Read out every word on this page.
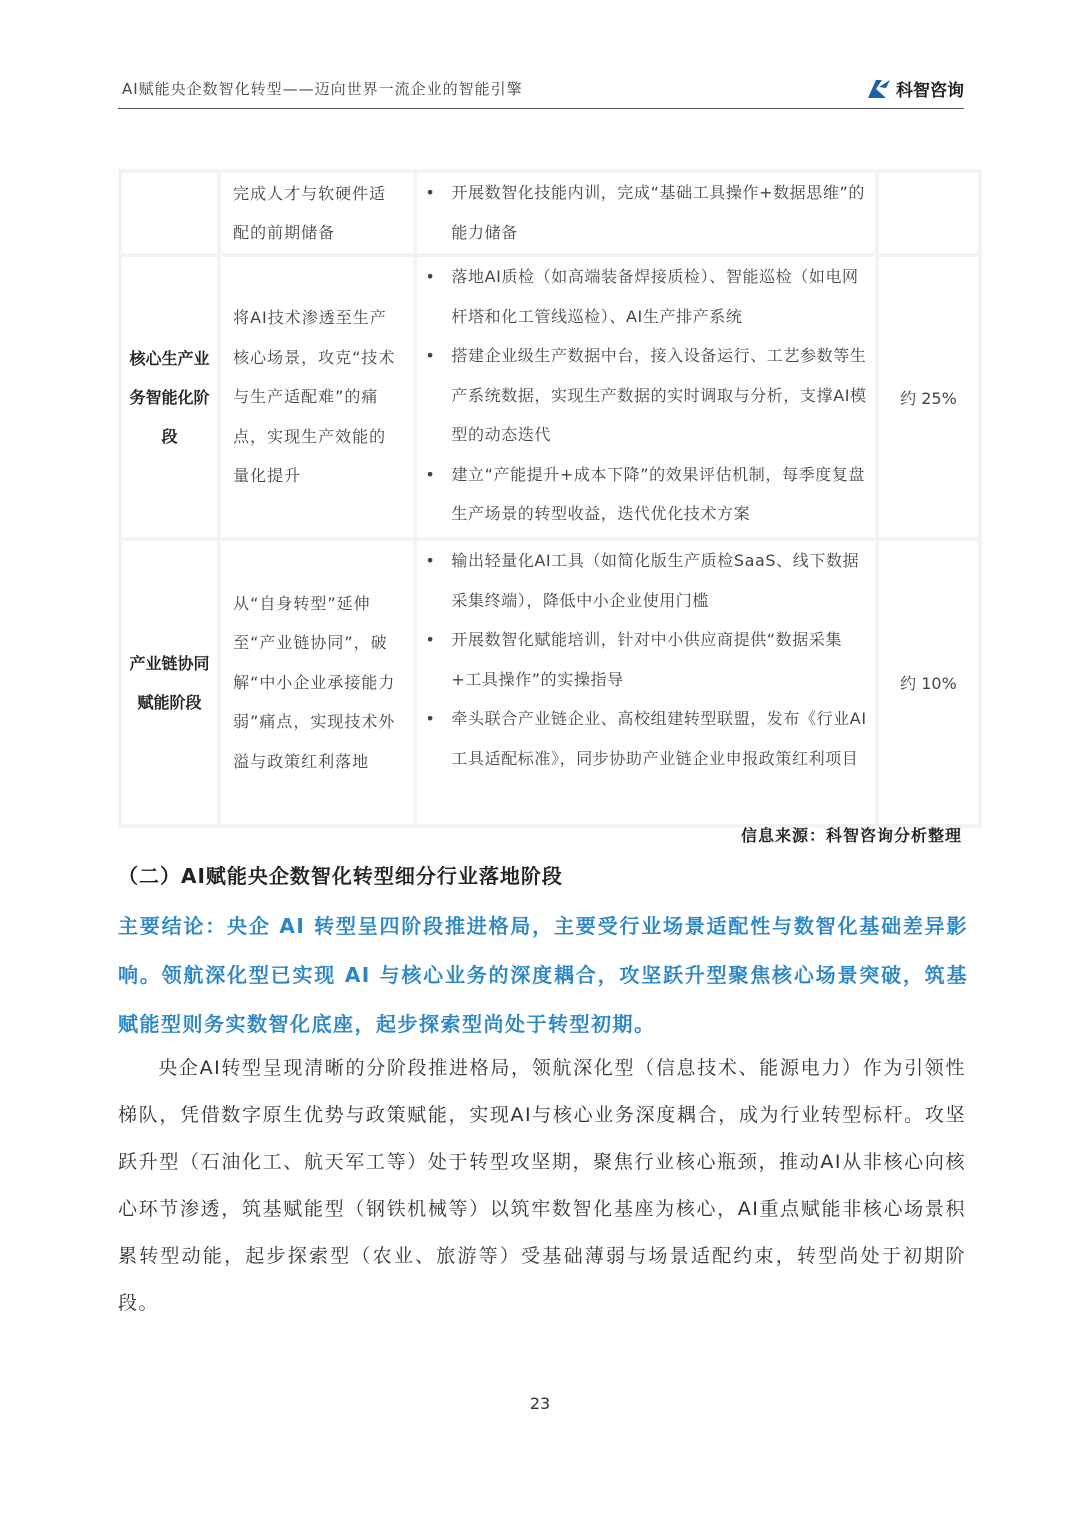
AI赋能央企数智化转型——迈向世界一流企业的智能引擎	科智咨询
完成人才与软硬件适配的前期储备
• 开展数智化技能内训，完成“基础工具操作+数据思维”的能力储备
核心生产业务智能化阶段
将AI技术渗透至生产核心场景，攻克“技术与生产适配难”的痛点，实现生产效能的量化提升
• 落地AI质检（如高端装备焊接质检）、智能巡检（如电网杆塔和化工管线巡检）、AI生产排产系统
• 搭建企业级生产数据中台，接入设备运行、工艺参数等生产系统数据，实现生产数据的实时调取与分析，支撑AI模型的动态迭代
• 建立“产能提升+成本下降”的效果评估机制，每季度复盘生产场景的转型收益，迭代优化技术方案
约 25%
产业链协同赋能阶段
从“自身转型”延伸至“产业链协同”，破解“中小企业承接能力弱”痛点，实现技术外溢与政策红利落地
• 输出轻量化AI工具（如简化版生产质检SaaS、线下数据采集终端），降低中小企业使用门槛
• 开展数智化赋能培训，针对中小供应商提供“数据采集+工具操作”的实操指导
• 牵头联合产业链企业、高校组建转型联盟，发布《行业AI工具适配标准》，同步协助产业链企业申报政策红利项目
约 10%
信息来源：科智咨询分析整理
（二）AI赋能央企数智化转型细分行业落地阶段
主要结论：央企 AI 转型呈四阶段推进格局，主要受行业场景适配性与数智化基础差异影响。领航深化型已实现 AI 与核心业务的深度耦合，攻坚跃升型聚焦核心场景突破，筑基赋能型则务实数智化底座，起步探索型尚处于转型初期。
央企AI转型呈现清晰的分阶段推进格局，领航深化型（信息技术、能源电力）作为引领性梯队，凭借数字原生优势与政策赋能，实现AI与核心业务深度耦合，成为行业转型标杆。攻坚跃升型（石油化工、航天军工等）处于转型攻坚期，聚焦行业核心瓶颈，推动AI从非核心向核心环节渗透，筑基赋能型（钢铁机械等）以筑牢数智化基座为核心，AI重点赋能非核心场景积累转型动能，起步探索型（农业、旅游等）受基础薄弱与场景适配约束，转型尚处于初期阶段。
23
